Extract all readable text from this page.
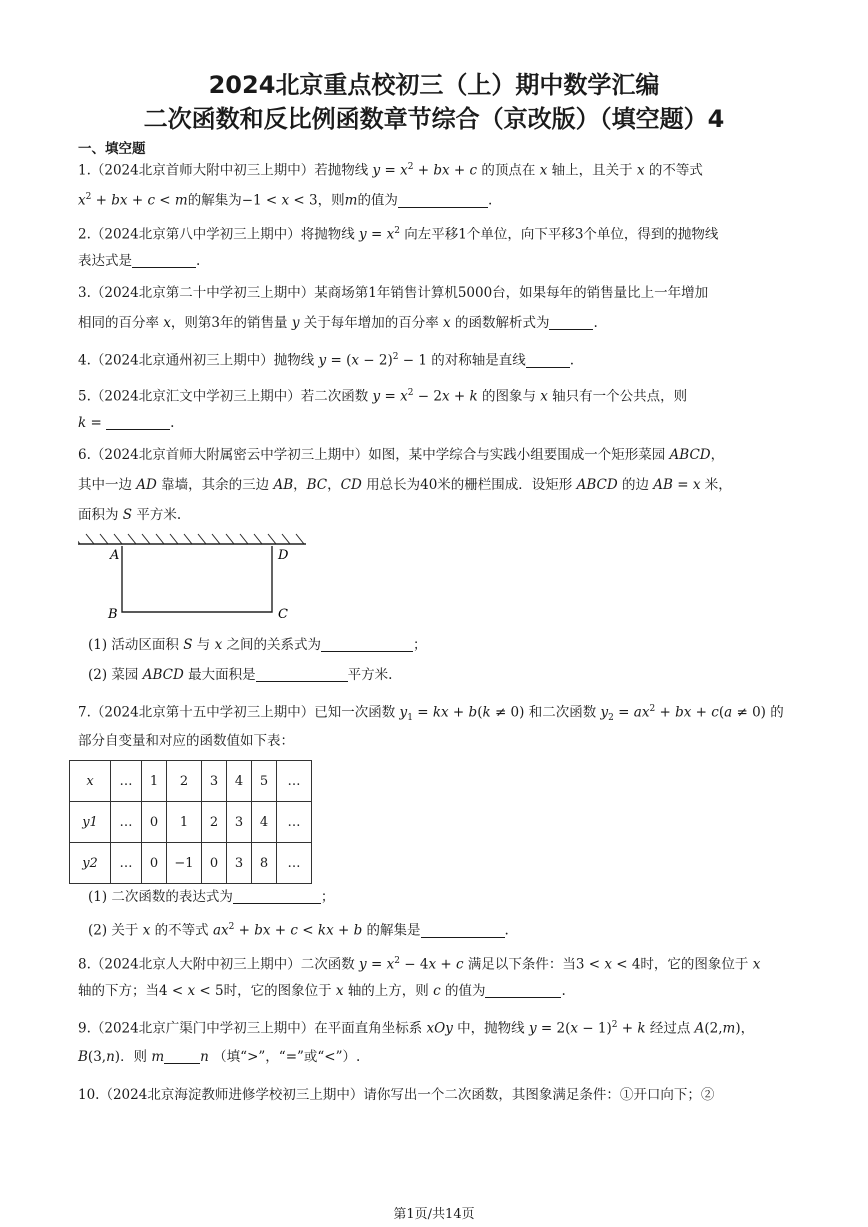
2024北京重点校初三（上）期中数学汇编
二次函数和反比例函数章节综合（京改版）（填空题）4
一、填空题
1.（2024北京首师大附中初三上期中）若抛物线 $y = x^2$ + bx + c 的顶点在 x 轴上，且关于 x 的不等式
$x^2$ + bx + c < m的解集为−1 < x < 3，则m的值为	.
2.（2024北京第八中学初三上期中）将抛物线 $y = x^2$ 向左平移1个单位，向下平移3个单位，得到的抛物线
表达式是	.
3.（2024北京第二十中学初三上期中）某商场第1年销售计算机5000台，如果每年的销售量比上一年增加
相同的百分率 x，则第3年的销售量 y 关于每年增加的百分率 x 的函数解析式为	.
4.（2024北京通州初三上期中）抛物线 $y = (x - 2)^2 - 1$ 的对称轴是直线	.
5.（2024北京汇文中学初三上期中）若二次函数 $y = x^2 - 2x + k$ 的图象与 x 轴只有一个公共点，则
k =	.
6.（2024北京首师大附属密云中学初三上期中）如图，某中学综合与实践小组要围成一个矩形菜园 ABCD，
其中一边 AD 靠墙，其余的三边 AB，BC，CD 用总长为40米的栅栏围成．设矩形 ABCD 的边 AB = x 米，
面积为 S 平方米.
A	D
B	C
(1) 活动区面积 S 与 x 之间的关系式为	；
(2) 菜园 ABCD 最大面积是	平方米.
7.（2024北京第十五中学初三上期中）已知一次函数 $y_1$ = kx + b(k ≠ 0) 和二次函数 $y_2 = ax^2$ + bx + c(a ≠ 0) 的
部分自变量和对应的函数值如下表：
x	…	1	2	3	4	5	…
y1	…	0	1	2	3	4	…
y2	…	0	−1	0	3	8	…
(1) 二次函数的表达式为	；
(2) 关于 x 的不等式 $ax^2$ + bx + c < kx + b 的解集是	.
8.（2024北京人大附中初三上期中）二次函数 $y = x^2 - 4x + c$ 满足以下条件：当3 < x < 4时，它的图象位于 x
轴的下方；当4 < x < 5时，它的图象位于 x 轴的上方，则 c 的值为	.
9.（2024北京广渠门中学初三上期中）在平面直角坐标系 xOy 中，抛物线 $y = 2(x - 1)^2 + k$ 经过点 A(2,m)，
B(3,n)．则 m	n （填“>”，“=”或“<”）.
10.（2024北京海淀教师进修学校初三上期中）请你写出一个二次函数，其图象满足条件：①开口向下；②
第1页/共14页
